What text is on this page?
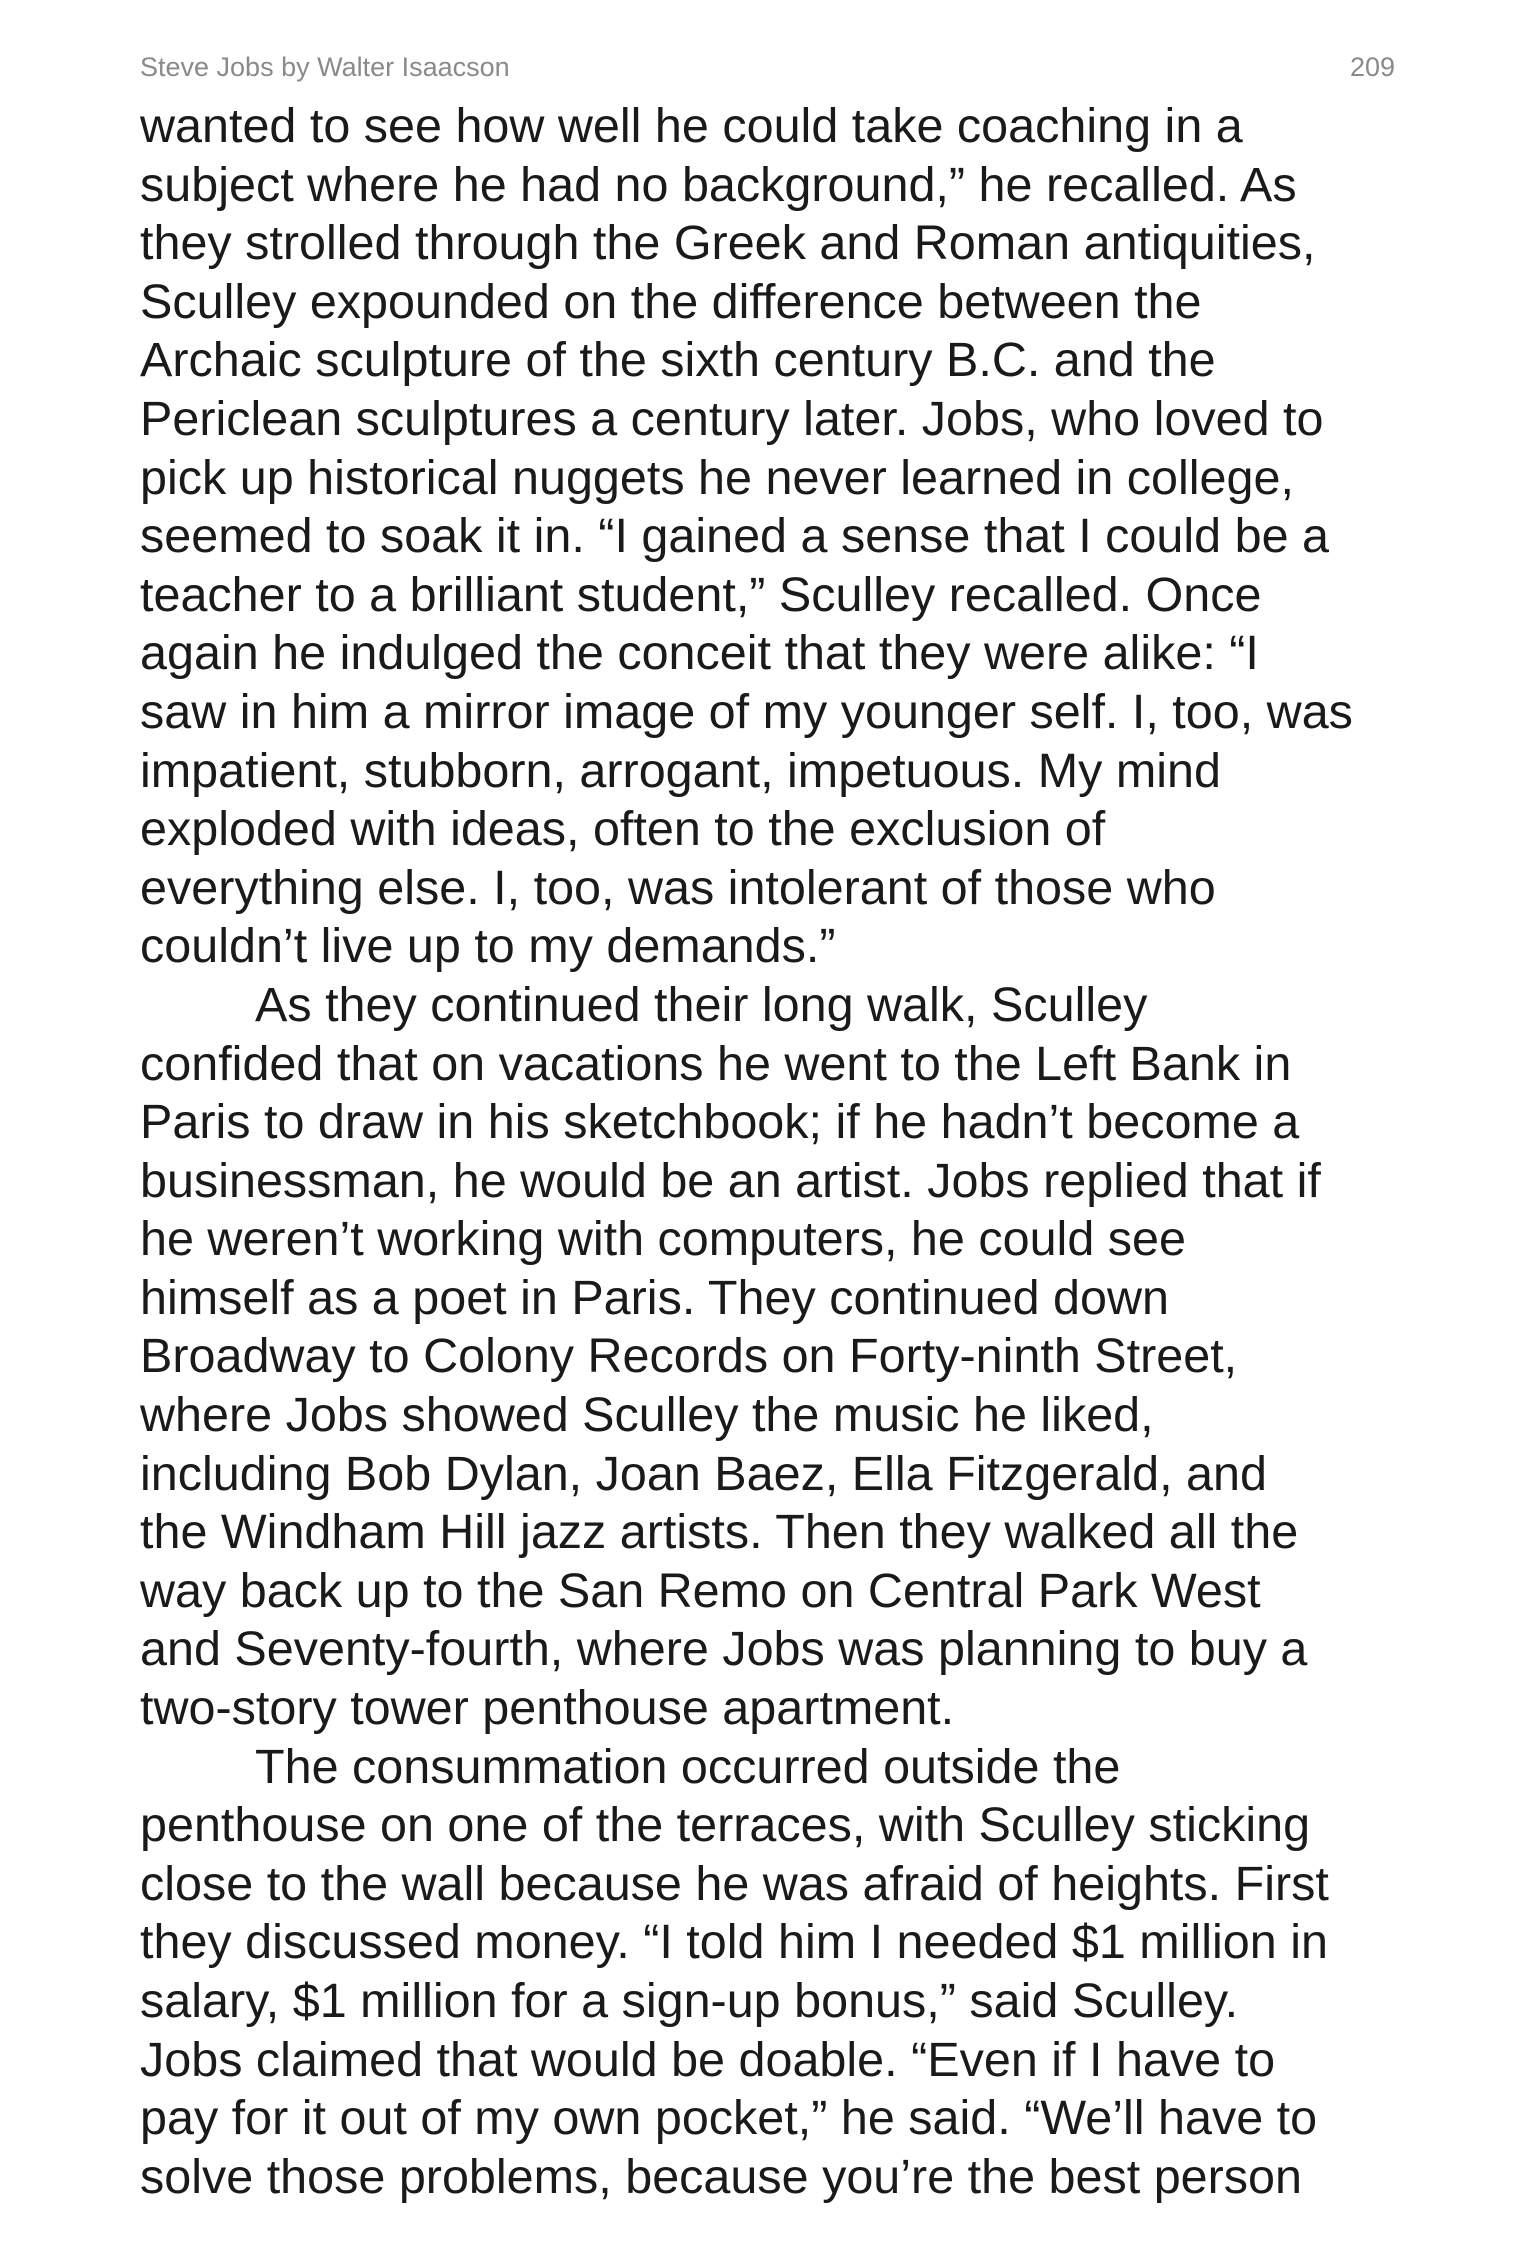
Steve Jobs by Walter Isaacson	209
wanted to see how well he could take coaching in a
subject where he had no background,” he recalled. As
they strolled through the Greek and Roman antiquities,
Sculley expounded on the difference between the
Archaic sculpture of the sixth century B.C. and the
Periclean sculptures a century later. Jobs, who loved to
pick up historical nuggets he never learned in college,
seemed to soak it in. “I gained a sense that I could be a
teacher to a brilliant student,” Sculley recalled. Once
again he indulged the conceit that they were alike: “I
saw in him a mirror image of my younger self. I, too, was
impatient, stubborn, arrogant, impetuous. My mind
exploded with ideas, often to the exclusion of
everything else. I, too, was intolerant of those who
couldn’t live up to my demands.”
As they continued their long walk, Sculley
confided that on vacations he went to the Left Bank in
Paris to draw in his sketchbook; if he hadn’t become a
businessman, he would be an artist. Jobs replied that if
he weren’t working with computers, he could see
himself as a poet in Paris. They continued down
Broadway to Colony Records on Forty-ninth Street,
where Jobs showed Sculley the music he liked,
including Bob Dylan, Joan Baez, Ella Fitzgerald, and
the Windham Hill jazz artists. Then they walked all the
way back up to the San Remo on Central Park West
and Seventy-fourth, where Jobs was planning to buy a
two-story tower penthouse apartment.
The consummation occurred outside the
penthouse on one of the terraces, with Sculley sticking
close to the wall because he was afraid of heights. First
they discussed money. “I told him I needed $1 million in
salary, $1 million for a sign-up bonus,” said Sculley.
Jobs claimed that would be doable. “Even if I have to
pay for it out of my own pocket,” he said. “We’ll have to
solve those problems, because you’re the best person
